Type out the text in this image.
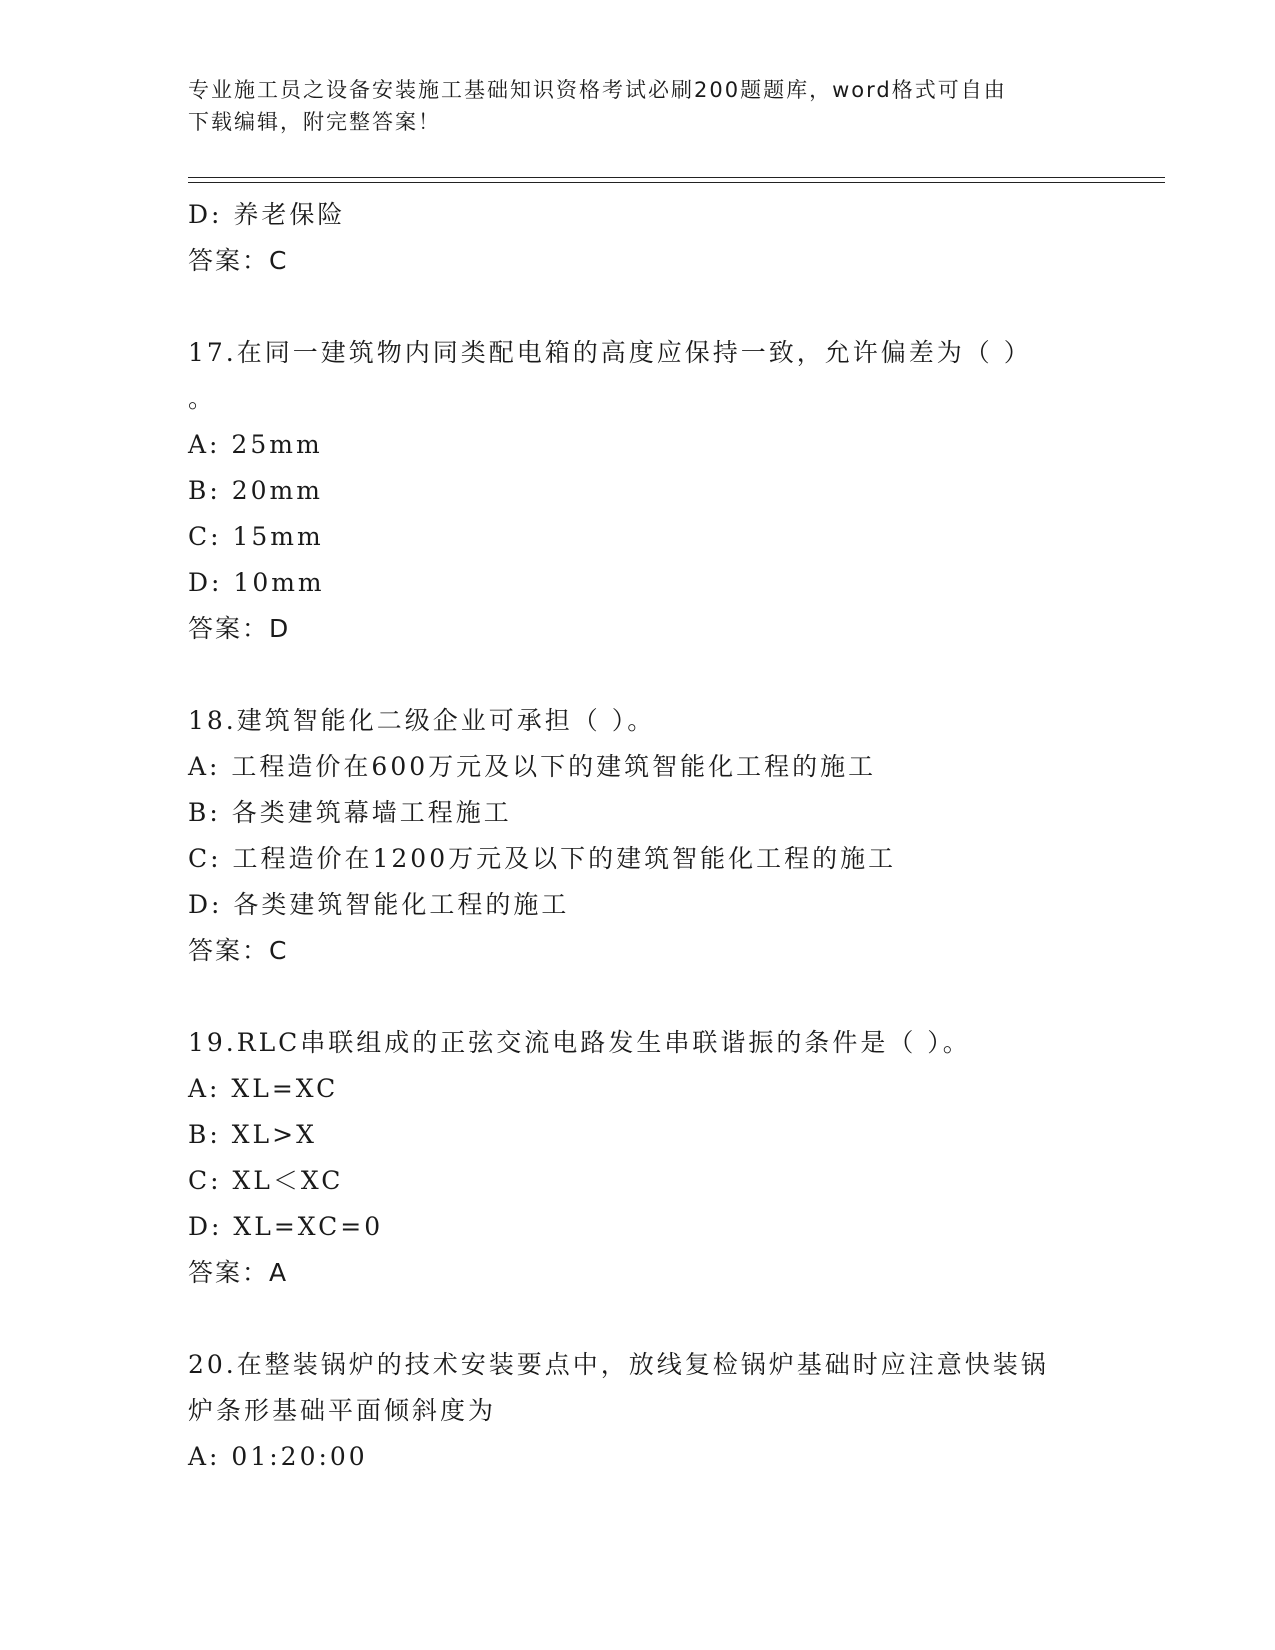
专业施工员之设备安装施工基础知识资格考试必刷200题题库，word格式可自由
下载编辑，附完整答案！
D: 养老保险
答案：C
17.在同一建筑物内同类配电箱的高度应保持一致，允许偏差为（ ）
。
A: 25mm
B: 20mm
C: 15mm
D: 10mm
答案：D
18.建筑智能化二级企业可承担（ ）。
A: 工程造价在600万元及以下的建筑智能化工程的施工
B: 各类建筑幕墙工程施工
C: 工程造价在1200万元及以下的建筑智能化工程的施工
D: 各类建筑智能化工程的施工
答案：C
19.RLC串联组成的正弦交流电路发生串联谐振的条件是（ ）。
A: XL=XC
B: XL>X
C: XL＜XC
D: XL=XC=0
答案：A
20.在整装锅炉的技术安装要点中，放线复检锅炉基础时应注意快装锅
炉条形基础平面倾斜度为
A: 01:20:00
